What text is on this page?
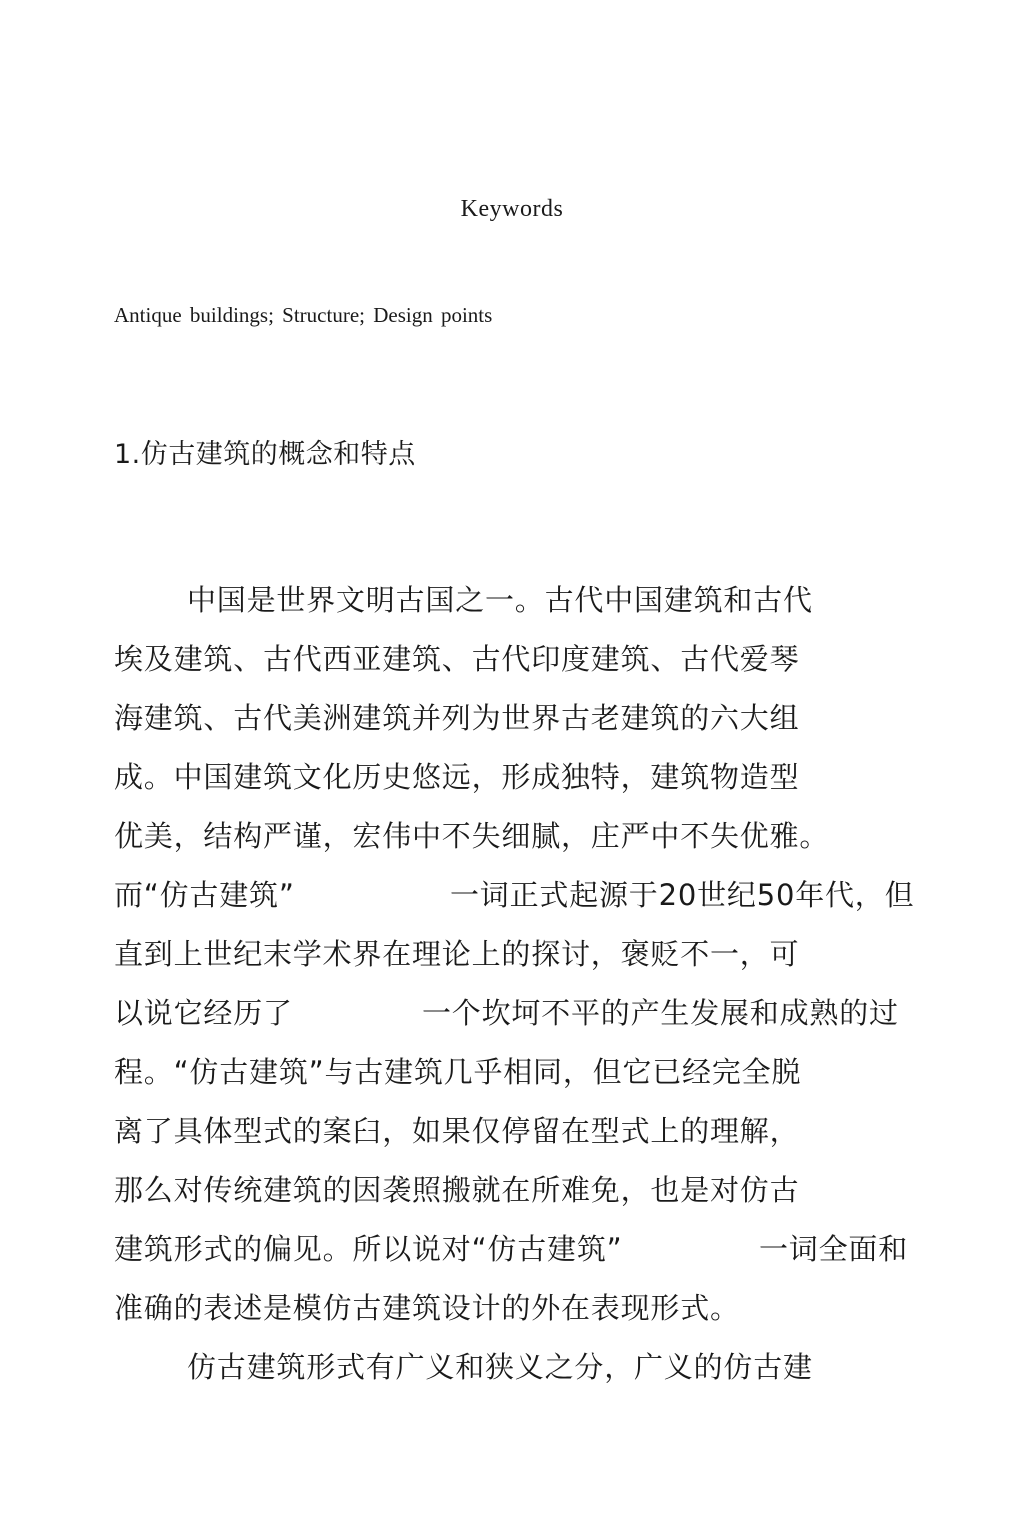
Keywords
Antique buildings; Structure; Design points
1.仿古建筑的概念和特点
中国是世界文明古国之一。古代中国建筑和古代
埃及建筑、古代西亚建筑、古代印度建筑、古代爱琴
海建筑、古代美洲建筑并列为世界古老建筑的六大组
成。中国建筑文化历史悠远，形成独特，建筑物造型
优美，结构严谨，宏伟中不失细腻，庄严中不失优雅。
而“仿古建筑”	一词正式起源于20世纪50年代，但
直到上世纪末学术界在理论上的探讨，褒贬不一，可
以说它经历了	一个坎坷不平的产生发展和成熟的过
程。“仿古建筑”与古建筑几乎相同，但它已经完全脱
离了具体型式的案臼，如果仅停留在型式上的理解，
那么对传统建筑的因袭照搬就在所难免，也是对仿古
建筑形式的偏见。所以说对“仿古建筑”	一词全面和
准确的表述是模仿古建筑设计的外在表现形式。
仿古建筑形式有广义和狭义之分，广义的仿古建
